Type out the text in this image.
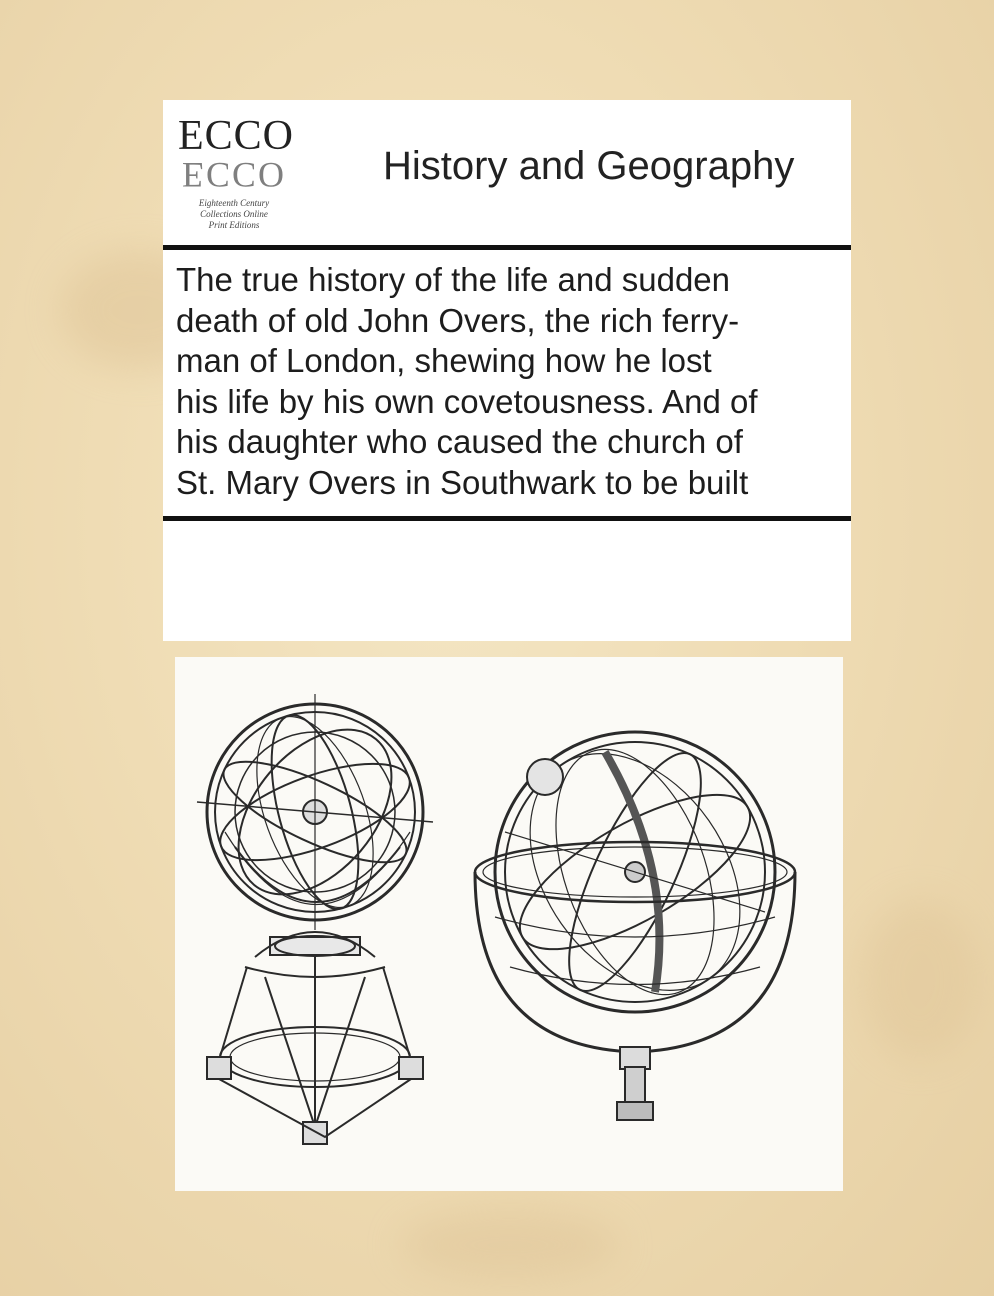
ECCO
ECCO
Eighteenth Century
Collections Online
Print Editions
History and Geography
The true history of the life and sudden
death of old John Overs, the rich ferry-
man of London, shewing how he lost
his life by his own covetousness. And of
his daughter who caused the church of
St. Mary Overs in Southwark to be built
